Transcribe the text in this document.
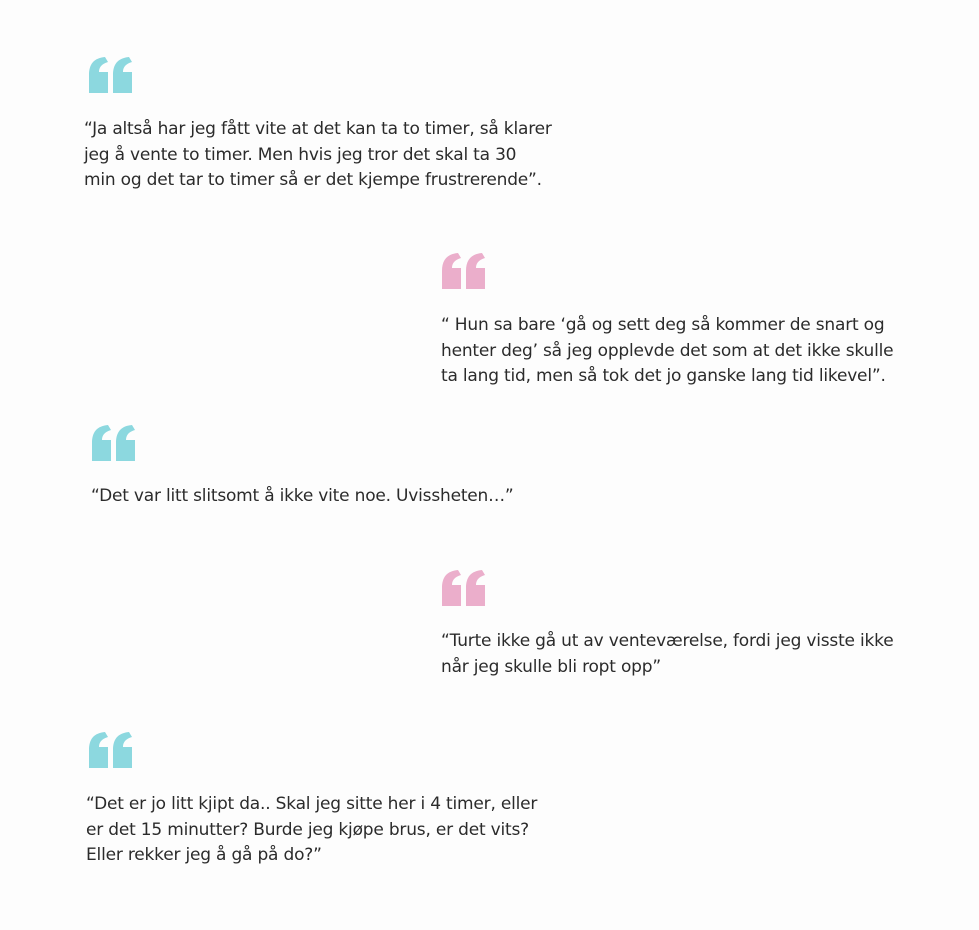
“Ja altså har jeg fått vite at det kan ta to timer, så klarer
jeg å vente to timer. Men hvis jeg tror det skal ta 30
min og det tar to timer så er det kjempe frustrerende”.

“ Hun sa bare ‘gå og sett deg så kommer de snart og
henter deg’ så jeg opplevde det som at det ikke skulle
ta lang tid, men så tok det jo ganske lang tid likevel”.

“Det var litt slitsomt å ikke vite noe. Uvissheten…”

“Turte ikke gå ut av venteværelse, fordi jeg visste ikke
når jeg skulle bli ropt opp”

“Det er jo litt kjipt da.. Skal jeg sitte her i 4 timer, eller
er det 15 minutter? Burde jeg kjøpe brus, er det vits?
Eller rekker jeg å gå på do?”
